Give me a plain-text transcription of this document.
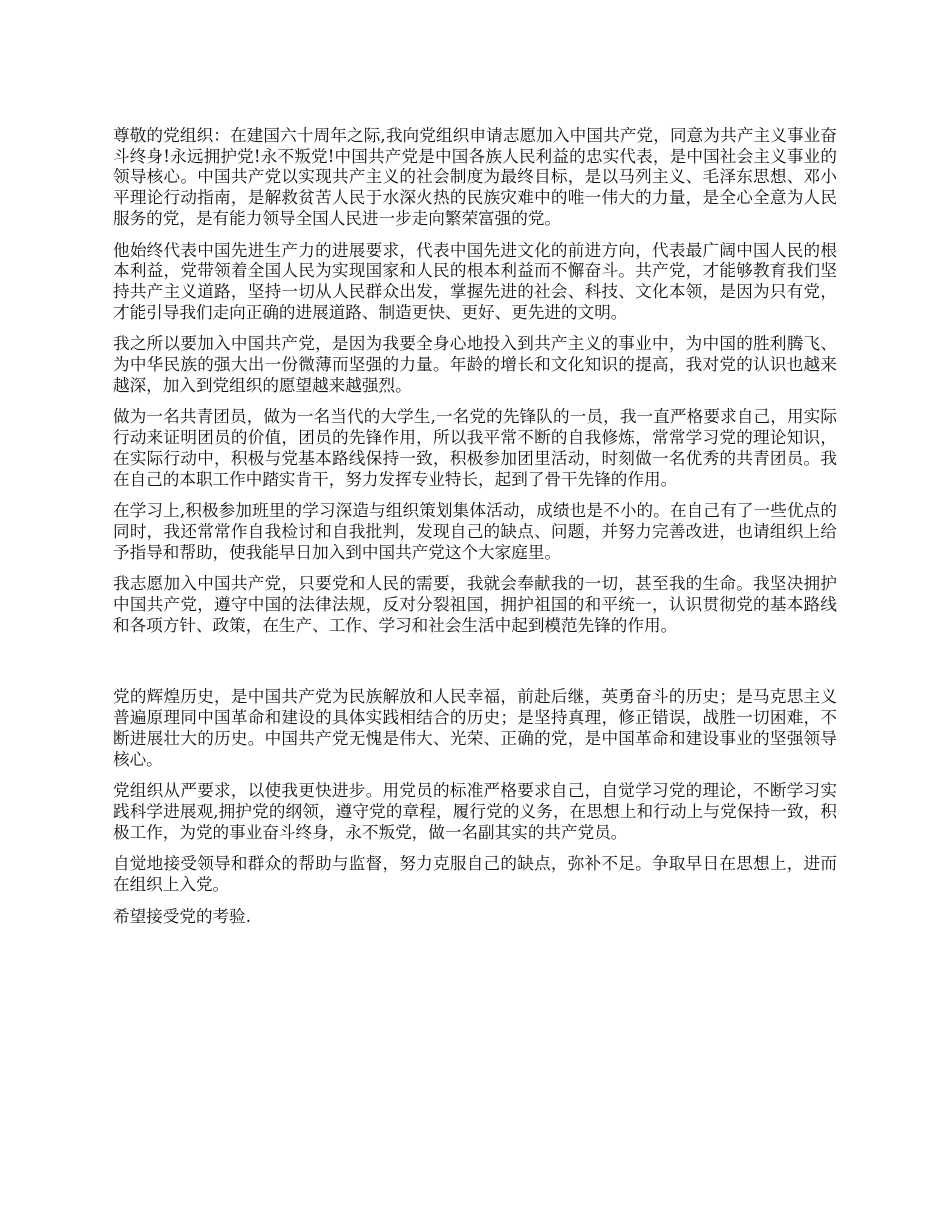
尊敬的党组织：在建国六十周年之际,我向党组织申请志愿加入中国共产党，同意为共产主义事业奋斗终身!永远拥护党!永不叛党!中国共产党是中国各族人民利益的忠实代表，是中国社会主义事业的领导核心。中国共产党以实现共产主义的社会制度为最终目标，是以马列主义、毛泽东思想、邓小平理论行动指南，是解救贫苦人民于水深火热的民族灾难中的唯一伟大的力量，是全心全意为人民服务的党，是有能力领导全国人民进一步走向繁荣富强的党。

他始终代表中国先进生产力的进展要求，代表中国先进文化的前进方向，代表最广阔中国人民的根本利益，党带领着全国人民为实现国家和人民的根本利益而不懈奋斗。共产党，才能够教育我们坚持共产主义道路，坚持一切从人民群众出发，掌握先进的社会、科技、文化本领，是因为只有党，才能引导我们走向正确的进展道路、制造更快、更好、更先进的文明。

我之所以要加入中国共产党，是因为我要全身心地投入到共产主义的事业中，为中国的胜利腾飞、为中华民族的强大出一份微薄而坚强的力量。年龄的增长和文化知识的提高，我对党的认识也越来越深，加入到党组织的愿望越来越强烈。

做为一名共青团员，做为一名当代的大学生,一名党的先锋队的一员，我一直严格要求自己，用实际行动来证明团员的价值，团员的先锋作用，所以我平常不断的自我修炼，常常学习党的理论知识，在实际行动中，积极与党基本路线保持一致，积极参加团里活动，时刻做一名优秀的共青团员。我在自己的本职工作中踏实肯干，努力发挥专业特长，起到了骨干先锋的作用。

在学习上,积极参加班里的学习深造与组织策划集体活动，成绩也是不小的。在自己有了一些优点的同时，我还常常作自我检讨和自我批判，发现自己的缺点、问题，并努力完善改进，也请组织上给予指导和帮助，使我能早日加入到中国共产党这个大家庭里。

我志愿加入中国共产党，只要党和人民的需要，我就会奉献我的一切，甚至我的生命。我坚决拥护中国共产党，遵守中国的法律法规，反对分裂祖国，拥护祖国的和平统一，认识贯彻党的基本路线和各项方针、政策，在生产、工作、学习和社会生活中起到模范先锋的作用。

党的辉煌历史，是中国共产党为民族解放和人民幸福，前赴后继，英勇奋斗的历史；是马克思主义普遍原理同中国革命和建设的具体实践相结合的历史；是坚持真理，修正错误，战胜一切困难，不断进展壮大的历史。中国共产党无愧是伟大、光荣、正确的党，是中国革命和建设事业的坚强领导核心。

党组织从严要求，以使我更快进步。用党员的标准严格要求自己，自觉学习党的理论，不断学习实践科学进展观,拥护党的纲领，遵守党的章程，履行党的义务，在思想上和行动上与党保持一致，积极工作，为党的事业奋斗终身，永不叛党，做一名副其实的共产党员。

自觉地接受领导和群众的帮助与监督，努力克服自己的缺点，弥补不足。争取早日在思想上，进而在组织上入党。

希望接受党的考验.
